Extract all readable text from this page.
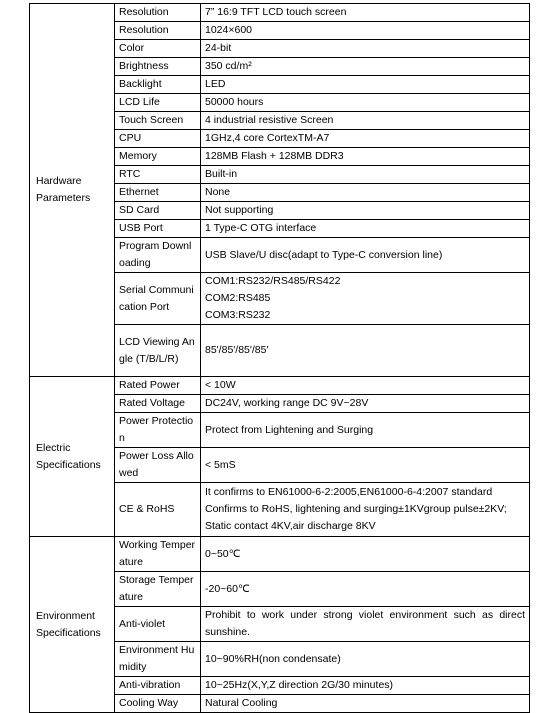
Hardware
Parameters	Resolution	7” 16:9 TFT LCD touch screen
	Resolution	1024×600
	Color	24-bit
	Brightness	350 cd/m²
	Backlight	LED
	LCD Life	50000 hours
	Touch Screen	4 industrial resistive Screen
	CPU	1GHz,4 core CortexTM-A7
	Memory	128MB Flash + 128MB DDR3
	RTC	Built-in
	Ethernet	None
	SD Card	Not supporting
	USB Port	1 Type-C OTG interface
	Program Downloading	USB Slave/U disc(adapt to Type-C conversion line)
	Serial Communication Port	COM1:RS232/RS485/RS422
COM2:RS485
COM3:RS232
	LCD Viewing Angle (T/B/L/R)	85'/85'/85'/85'
Electric
Specifications	Rated Power	< 10W
	Rated Voltage	DC24V, working range DC 9V~28V
	Power Protection	Protect from Lightening and Surging
	Power Loss Allowed	< 5mS
	CE & RoHS	It confirms to EN61000-6-2:2005,EN61000-6-4:2007 standard
Confirms to RoHS, lightening and surging±1KVgroup pulse±2KV;
Static contact 4KV,air discharge 8KV
Environment
Specifications	Working Temperature	0~50℃
	Storage Temperature	-20~60℃
	Anti-violet	Prohibit to work under strong violet environment such as direct sunshine.
	Environment Humidity	10~90%RH(non condensate)
	Anti-vibration	10~25Hz(X,Y,Z direction 2G/30 minutes)
	Cooling Way	Natural Cooling
